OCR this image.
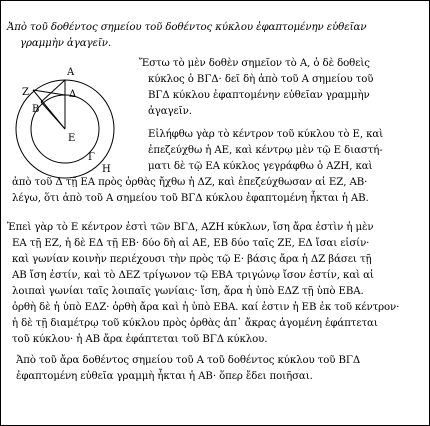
Ἀπὸ τοῦ δοθέντος σημείου τοῦ δοθέντος κύκλου ἐφαπτομένην εὐθεῖαν
γραμμὴν ἀγαγεῖν.
Ἔστω τὸ μὲν δοθὲν σημεῖον τὸ Α, ὁ δὲ δοθεὶς
κύκλος ὁ ΒΓΔ· δεῖ δὴ ἀπὸ τοῦ Α σημείου τοῦ
ΒΓΔ κύκλου ἐφαπτομένην εὐθεῖαν γραμμὴν
ἀγαγεῖν.
Εἰλήφθω γὰρ τὸ κέντρον τοῦ κύκλου τὸ Ε, καὶ
ἐπεζεύχθω ἡ ΑΕ, καὶ κέντρῳ μὲν τῷ Ε διαστή-
ματι δὲ τῷ ΕΑ κύκλος γεγράφθω ὁ ΑΖΗ, καὶ
ἀπὸ τοῦ Δ τῇ ΕΑ πρὸς ὀρθὰς ἤχθω ἡ ΔΖ, καὶ ἐπεζεύχθωσαν αἱ ΕΖ, ΑΒ·
λέγω, ὅτι ἀπὸ τοῦ Α σημείου τοῦ ΒΓΔ κύκλου ἐφαπτομένη ἦκται ἡ ΑΒ.
Ἐπεὶ γὰρ τὸ Ε κέντρον ἐστὶ τῶν ΒΓΔ, ΑΖΗ κύκλων, ἴση ἄρα ἐστὶν ἡ μὲν
ΕΑ τῇ ΕΖ, ἡ δὲ ΕΔ τῇ ΕΒ· δύο δὴ αἱ ΑΕ, ΕΒ δύο ταῖς ΖΕ, ΕΔ ἴσαι εἰσίν·
καὶ γωνίαν κοινὴν περιέχουσι τὴν πρὸς τῷ Ε· βάσις ἄρα ἡ ΔΖ βάσει τῇ
ΑΒ ἴση ἐστίν, καὶ τὸ ΔΕΖ τρίγωνον τῷ ΕΒΑ τριγώνῳ ἴσον ἐστίν, καὶ αἱ
λοιπαὶ γωνίαι ταῖς λοιπαῖς γωνίαις· ἴση, ἄρα ἡ ὑπὸ ΕΔΖ τῇ ὑπὸ ΕΒΑ.
ὀρθὴ δὲ ἡ ὑπὸ ΕΔΖ· ὀρθὴ ἄρα καὶ ἡ ὑπὸ ΕΒΑ. καί ἐστιν ἡ ΕΒ ἐκ τοῦ κέντρον·
ἡ δὲ τῇ διαμέτρῳ τοῦ κύκλου πρὸς ὀρθὰς ἀπ᾽ ἄκρας ἀγομένη ἐφάπτεται
τοῦ κύκλου· ἡ ΑΒ ἄρα ἐφάπτεται τοῦ ΒΓΔ κύκλου.
Ἀπὸ τοῦ ἄρα δοθέντος σημείου τοῦ Α τοῦ δοθέντος κύκλου τοῦ ΒΓΔ
ἐφαπτομένη εὐθεῖα γραμμὴ ἦκται ἡ ΑΒ· ὅπερ ἔδει ποιῆσαι.
Α
Ζ
Β
Δ
Ε
Γ
Η
